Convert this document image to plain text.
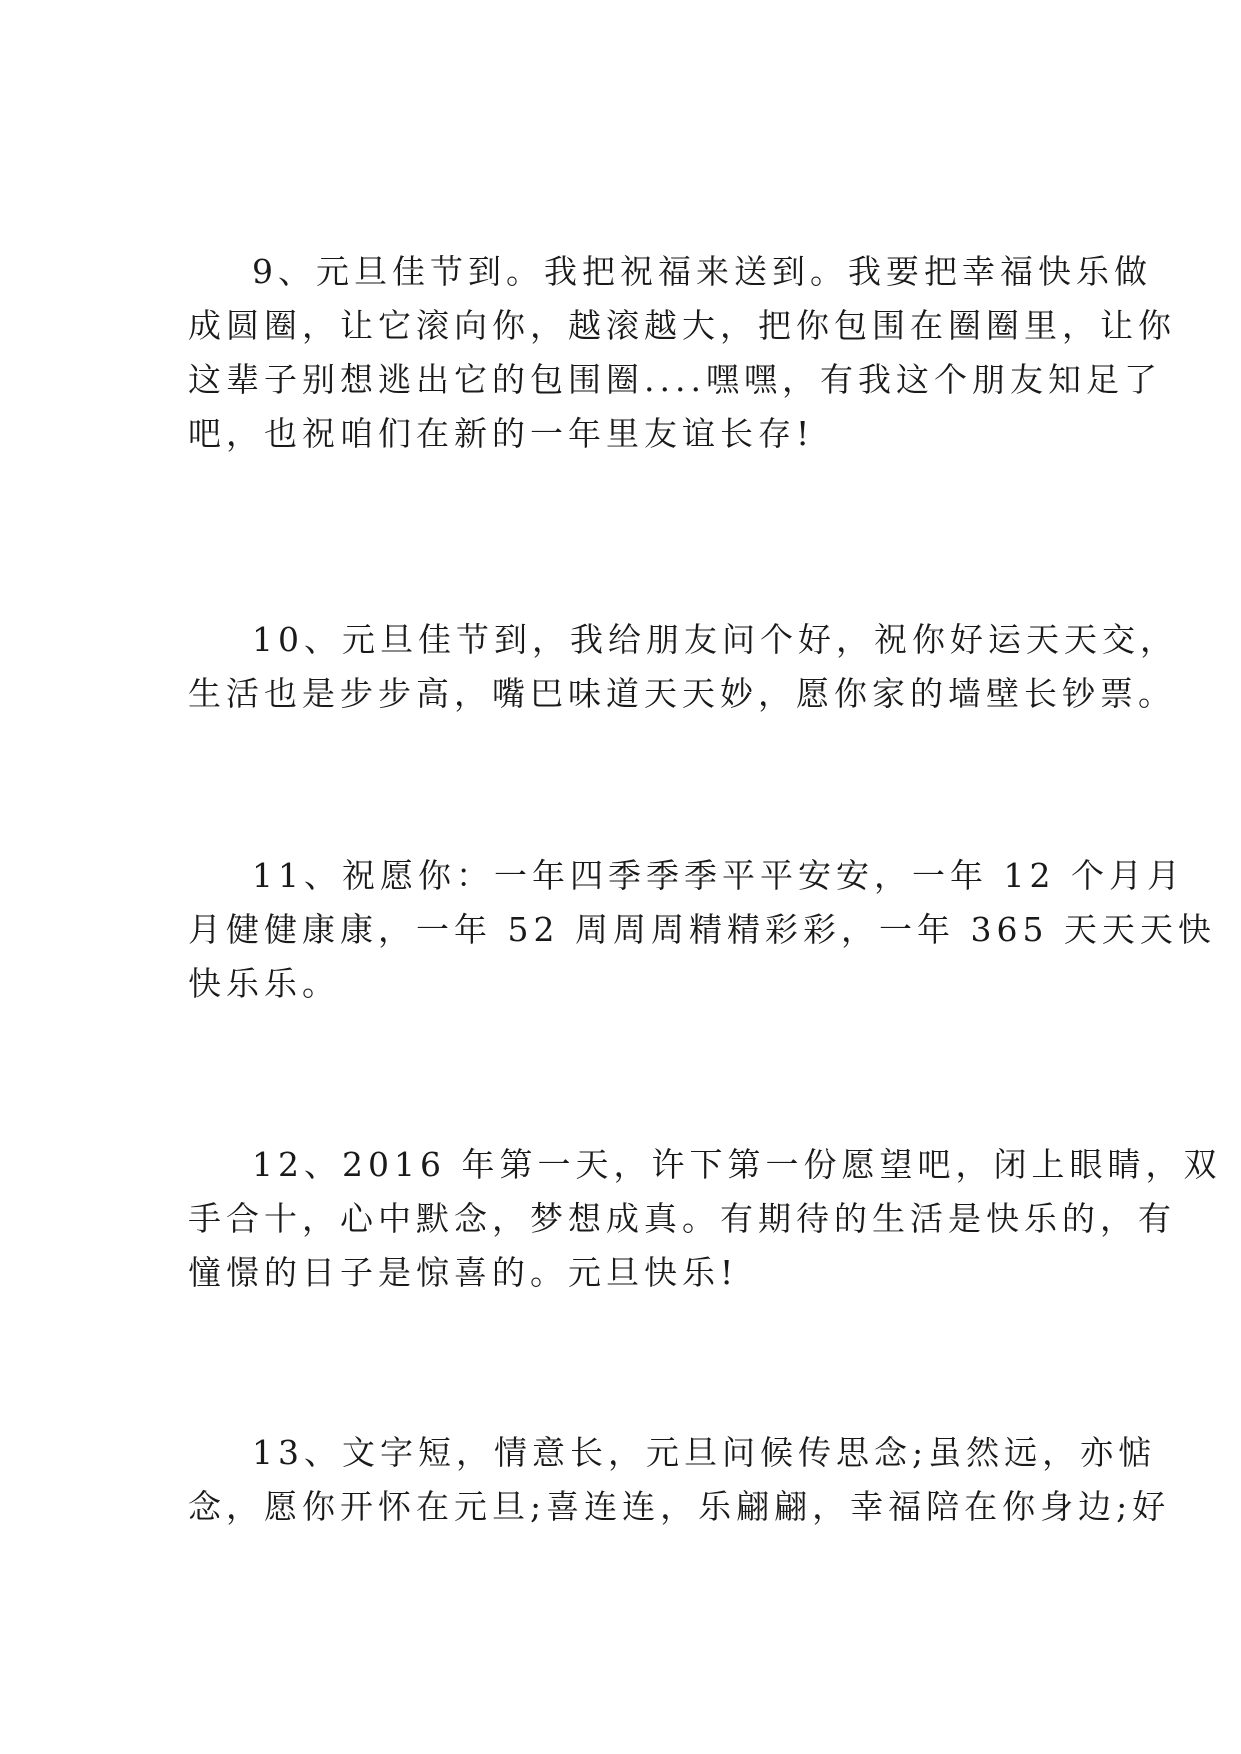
9、元旦佳节到。我把祝福来送到。我要把幸福快乐做
成圆圈，让它滚向你，越滚越大，把你包围在圈圈里，让你
这辈子别想逃出它的包围圈....嘿嘿，有我这个朋友知足了
吧，也祝咱们在新的一年里友谊长存!
10、元旦佳节到，我给朋友问个好，祝你好运天天交，
生活也是步步高，嘴巴味道天天妙，愿你家的墙壁长钞票。
11、祝愿你：一年四季季季平平安安，一年 12 个月月
月健健康康，一年 52 周周周精精彩彩，一年 365 天天天快
快乐乐。
12、2016 年第一天，许下第一份愿望吧，闭上眼睛，双
手合十，心中默念，梦想成真。有期待的生活是快乐的，有
憧憬的日子是惊喜的。元旦快乐!
13、文字短，情意长，元旦问候传思念;虽然远，亦惦
念，愿你开怀在元旦;喜连连，乐翩翩，幸福陪在你身边;好
